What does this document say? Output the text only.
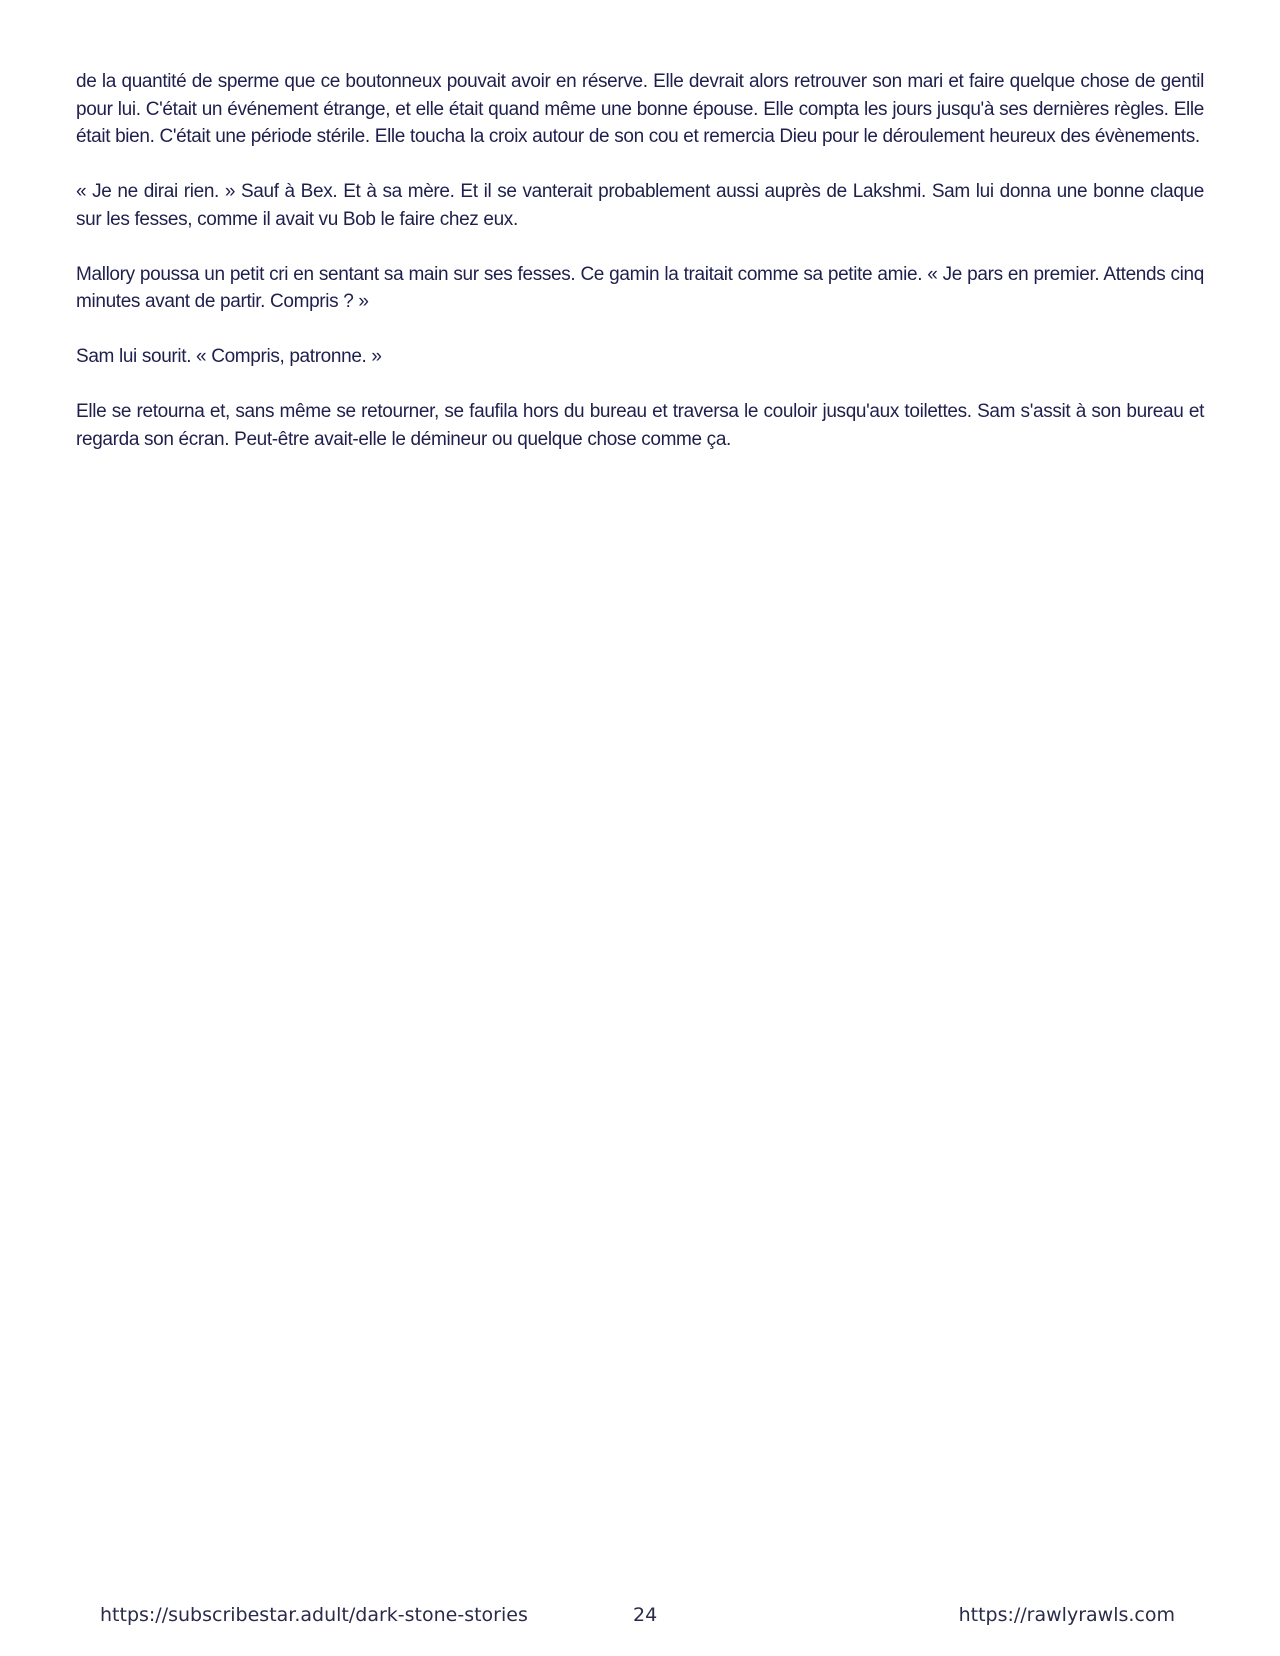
de la quantité de sperme que ce boutonneux pouvait avoir en réserve. Elle devrait alors retrouver son mari et faire quelque chose de gentil pour lui. C'était un événement étrange, et elle était quand même une bonne épouse. Elle compta les jours jusqu'à ses dernières règles. Elle était bien. C'était une période stérile. Elle toucha la croix autour de son cou et remercia Dieu pour le déroulement heureux des évènements.

« Je ne dirai rien. » Sauf à Bex. Et à sa mère. Et il se vanterait probablement aussi auprès de Lakshmi. Sam lui donna une bonne claque sur les fesses, comme il avait vu Bob le faire chez eux.

Mallory poussa un petit cri en sentant sa main sur ses fesses. Ce gamin la traitait comme sa petite amie. « Je pars en premier. Attends cinq minutes avant de partir. Compris ? »

Sam lui sourit. « Compris, patronne. »

Elle se retourna et, sans même se retourner, se faufila hors du bureau et traversa le couloir jusqu'aux toilettes. Sam s'assit à son bureau et regarda son écran. Peut-être avait-elle le démineur ou quelque chose comme ça.

https://subscribestar.adult/dark-stone-stories	24	https://rawlyrawls.com
